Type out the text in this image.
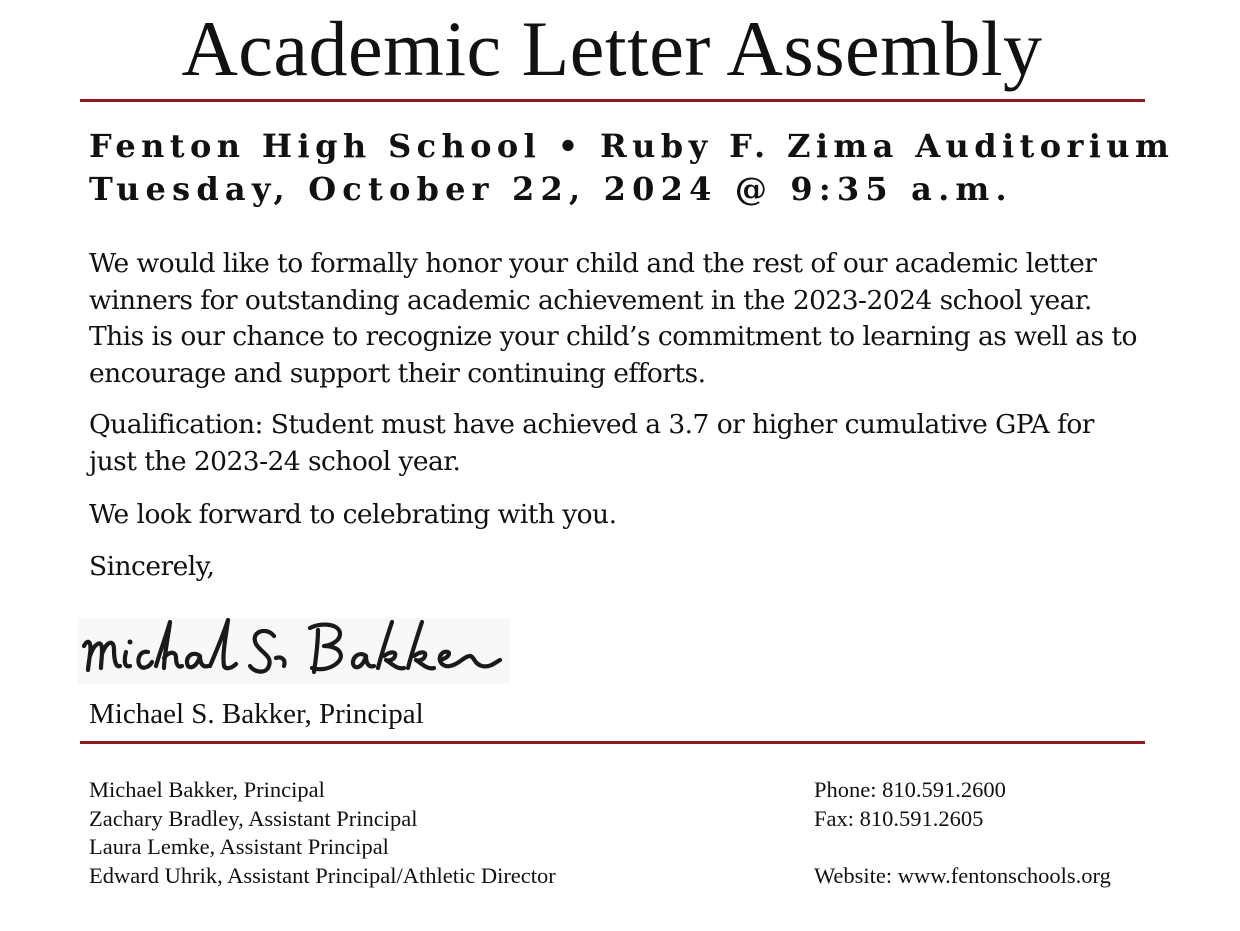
Academic Letter Assembly
Fenton High School • Ruby F. Zima Auditorium
Tuesday, October 22, 2024 @ 9:35 a.m.

We would like to formally honor your child and the rest of our academic letter winners for outstanding academic achievement in the 2023-2024 school year. This is our chance to recognize your child’s commitment to learning as well as to encourage and support their continuing efforts.

Qualification: Student must have achieved a 3.7 or higher cumulative GPA for just the 2023-24 school year.

We look forward to celebrating with you.

Sincerely,

Michael S. Bakker, Principal
Michael Bakker, Principal
Zachary Bradley, Assistant Principal
Laura Lemke, Assistant Principal
Edward Uhrik, Assistant Principal/Athletic Director
Phone: 810.591.2600
Fax: 810.591.2605
Website: www.fentonschools.org
